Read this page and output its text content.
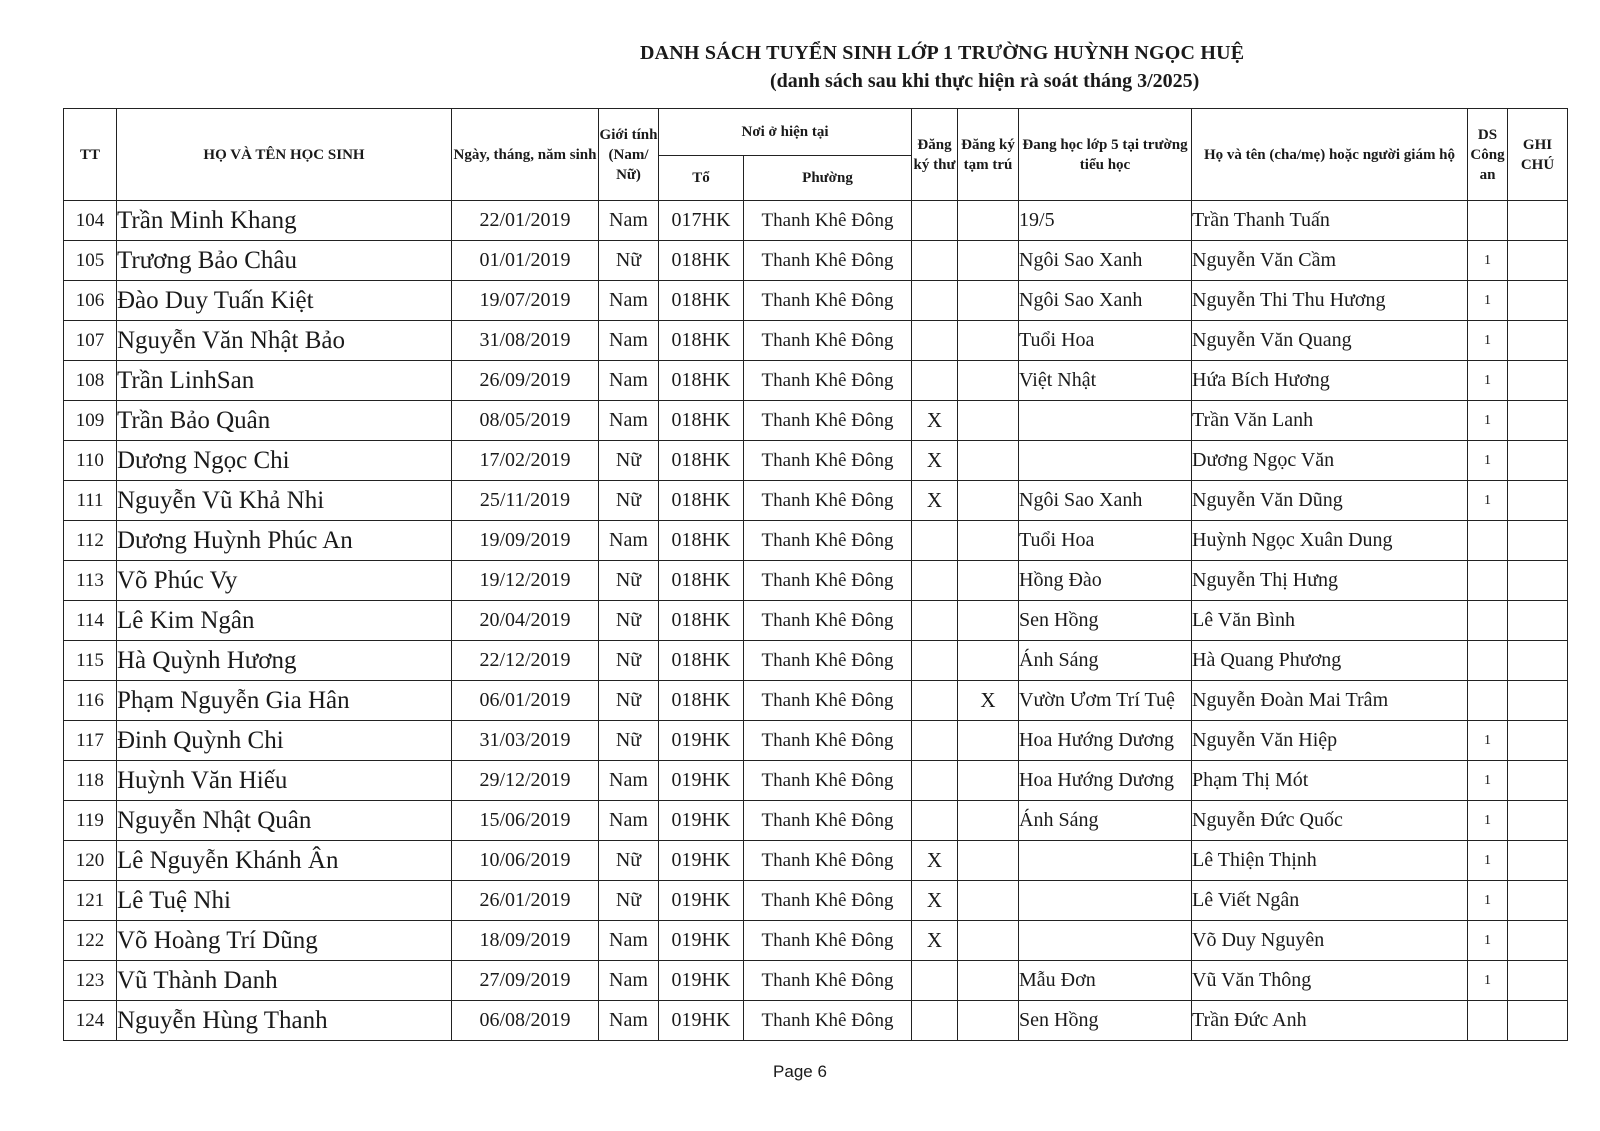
DANH SÁCH TUYỂN SINH LỚP 1 TRƯỜNG HUỲNH NGỌC HUỆ
(danh sách sau khi thực hiện rà soát tháng 3/2025)
TT	HỌ VÀ TÊN HỌC SINH	Ngày, tháng, năm sinh	Giới tính (Nam/ Nữ)	Nơi ở hiện tại		Đăng ký thư	Đăng ký tạm trú	Đang học lớp 5 tại trường tiểu học	Họ và tên (cha/mẹ) hoặc người giám hộ	DS Công an	GHI CHÚ
				Tổ	Phường						
104	Trần Minh Khang	22/01/2019	Nam	017HK	Thanh Khê Đông			19/5	Trần Thanh Tuấn		
105	Trương Bảo Châu	01/01/2019	Nữ	018HK	Thanh Khê Đông			Ngôi Sao Xanh	Nguyễn Văn Cầm	1	
106	Đào Duy Tuấn Kiệt	19/07/2019	Nam	018HK	Thanh Khê Đông			Ngôi Sao Xanh	Nguyễn Thi Thu Hương	1	
107	Nguyễn Văn Nhật Bảo	31/08/2019	Nam	018HK	Thanh Khê Đông			Tuổi Hoa	Nguyễn Văn Quang	1	
108	Trần LinhSan	26/09/2019	Nam	018HK	Thanh Khê Đông			Việt Nhật	Hứa Bích Hương	1	
109	Trần Bảo Quân	08/05/2019	Nam	018HK	Thanh Khê Đông	X			Trần Văn Lanh	1	
110	Dương Ngọc Chi	17/02/2019	Nữ	018HK	Thanh Khê Đông	X			Dương Ngọc Văn	1	
111	Nguyễn Vũ Khả Nhi	25/11/2019	Nữ	018HK	Thanh Khê Đông	X		Ngôi Sao Xanh	Nguyễn Văn Dũng	1	
112	Dương Huỳnh Phúc An	19/09/2019	Nam	018HK	Thanh Khê Đông			Tuổi Hoa	Huỳnh Ngọc Xuân Dung		
113	Võ Phúc Vy	19/12/2019	Nữ	018HK	Thanh Khê Đông			Hồng Đào	Nguyễn Thị Hưng		
114	Lê Kim Ngân	20/04/2019	Nữ	018HK	Thanh Khê Đông			Sen Hồng	Lê Văn Bình		
115	Hà Quỳnh Hương	22/12/2019	Nữ	018HK	Thanh Khê Đông			Ánh Sáng	Hà Quang Phương		
116	Phạm Nguyễn Gia Hân	06/01/2019	Nữ	018HK	Thanh Khê Đông		X	Vườn Ươm Trí Tuệ	Nguyễn Đoàn Mai Trâm		
117	Đinh Quỳnh Chi	31/03/2019	Nữ	019HK	Thanh Khê Đông			Hoa Hướng Dương	Nguyễn Văn Hiệp	1	
118	Huỳnh Văn Hiếu	29/12/2019	Nam	019HK	Thanh Khê Đông			Hoa Hướng Dương	Phạm Thị Mót	1	
119	Nguyễn Nhật Quân	15/06/2019	Nam	019HK	Thanh Khê Đông			Ánh Sáng	Nguyễn Đức Quốc	1	
120	Lê Nguyễn Khánh Ân	10/06/2019	Nữ	019HK	Thanh Khê Đông	X			Lê Thiện Thịnh	1	
121	Lê Tuệ Nhi	26/01/2019	Nữ	019HK	Thanh Khê Đông	X			Lê Viết Ngân	1	
122	Võ Hoàng Trí Dũng	18/09/2019	Nam	019HK	Thanh Khê Đông	X			Võ Duy Nguyên	1	
123	Vũ Thành Danh	27/09/2019	Nam	019HK	Thanh Khê Đông			Mẫu Đơn	Vũ Văn Thông	1	
124	Nguyễn Hùng Thanh	06/08/2019	Nam	019HK	Thanh Khê Đông			Sen Hồng	Trần Đức Anh		
Page 6
